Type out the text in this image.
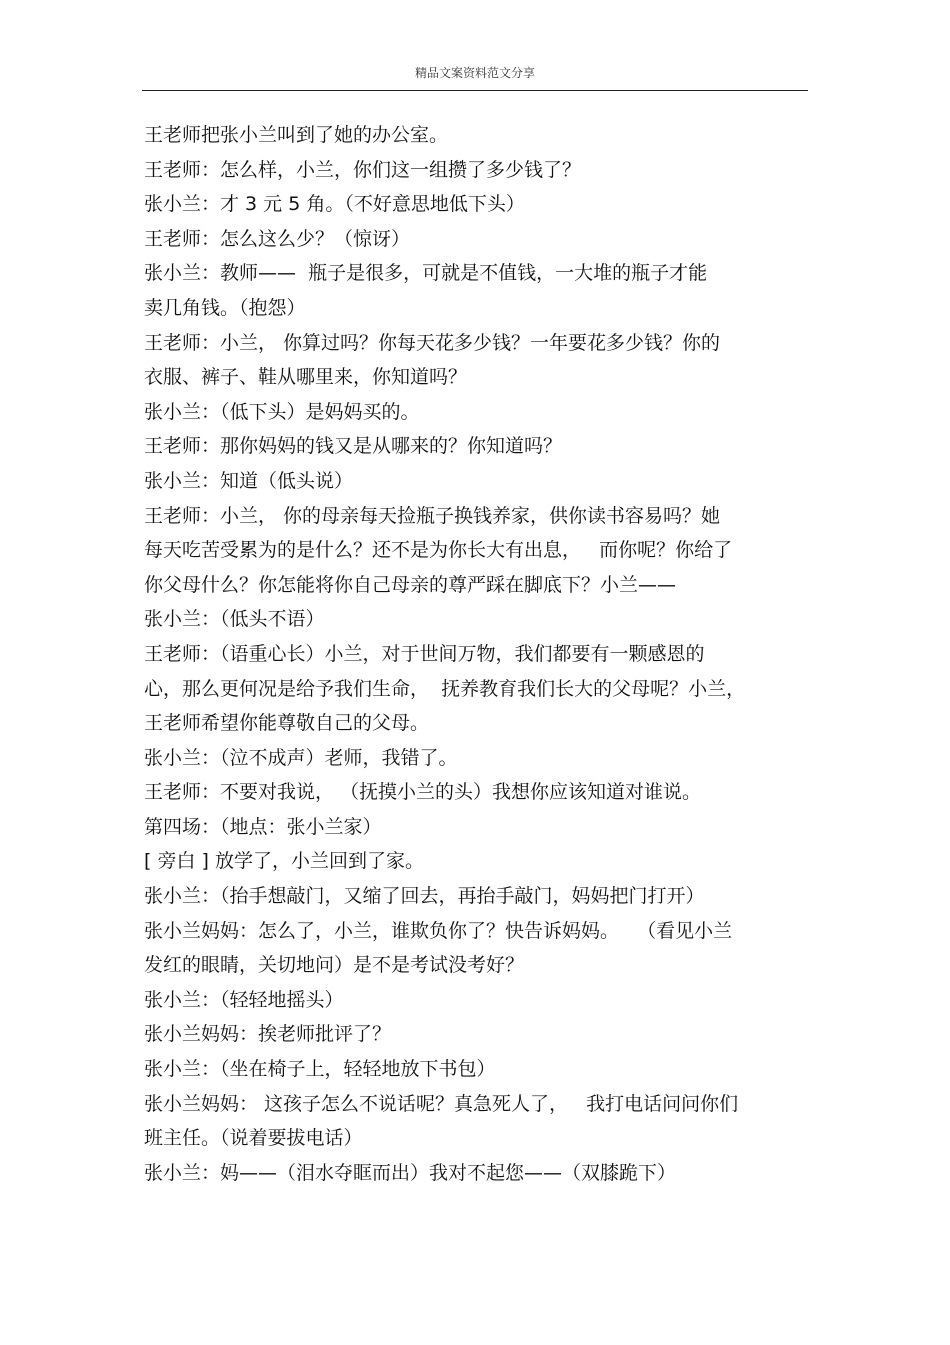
精品文案资料范文分享
王老师把张小兰叫到了她的办公室。
王老师：怎么样，小兰，你们这一组攒了多少钱了？
张小兰：才 3 元 5 角。（不好意思地低下头）
王老师：怎么这么少？（惊讶）
张小兰：教师——  瓶子是很多，可就是不值钱，一大堆的瓶子才能
卖几角钱。（抱怨）
王老师：小兰， 你算过吗？你每天花多少钱？一年要花多少钱？你的
衣服、裤子、鞋从哪里来，你知道吗？
张小兰：（低下头）是妈妈买的。
王老师：那你妈妈的钱又是从哪来的？你知道吗？
张小兰：知道（低头说）
王老师：小兰， 你的母亲每天捡瓶子换钱养家，供你读书容易吗？她
每天吃苦受累为的是什么？还不是为你长大有出息，   而你呢？你给了
你父母什么？你怎能将你自己母亲的尊严踩在脚底下？小兰——
张小兰：（低头不语）
王老师：（语重心长）小兰，对于世间万物，我们都要有一颗感恩的
心，那么更何况是给予我们生命，  抚养教育我们长大的父母呢？小兰，
王老师希望你能尊敬自己的父母。
张小兰：（泣不成声）老师，我错了。
王老师：不要对我说， （抚摸小兰的头）我想你应该知道对谁说。
第四场：（地点：张小兰家）
[ 旁白 ] 放学了，小兰回到了家。
张小兰：（抬手想敲门，又缩了回去，再抬手敲门，妈妈把门打开）
张小兰妈妈：怎么了，小兰，谁欺负你了？快告诉妈妈。   （看见小兰
发红的眼睛，关切地问）是不是考试没考好？
张小兰：（轻轻地摇头）
张小兰妈妈：挨老师批评了？
张小兰：（坐在椅子上，轻轻地放下书包）
张小兰妈妈： 这孩子怎么不说话呢？真急死人了，   我打电话问问你们
班主任。（说着要拔电话）
张小兰：妈——（泪水夺眶而出）我对不起您——（双膝跪下）
